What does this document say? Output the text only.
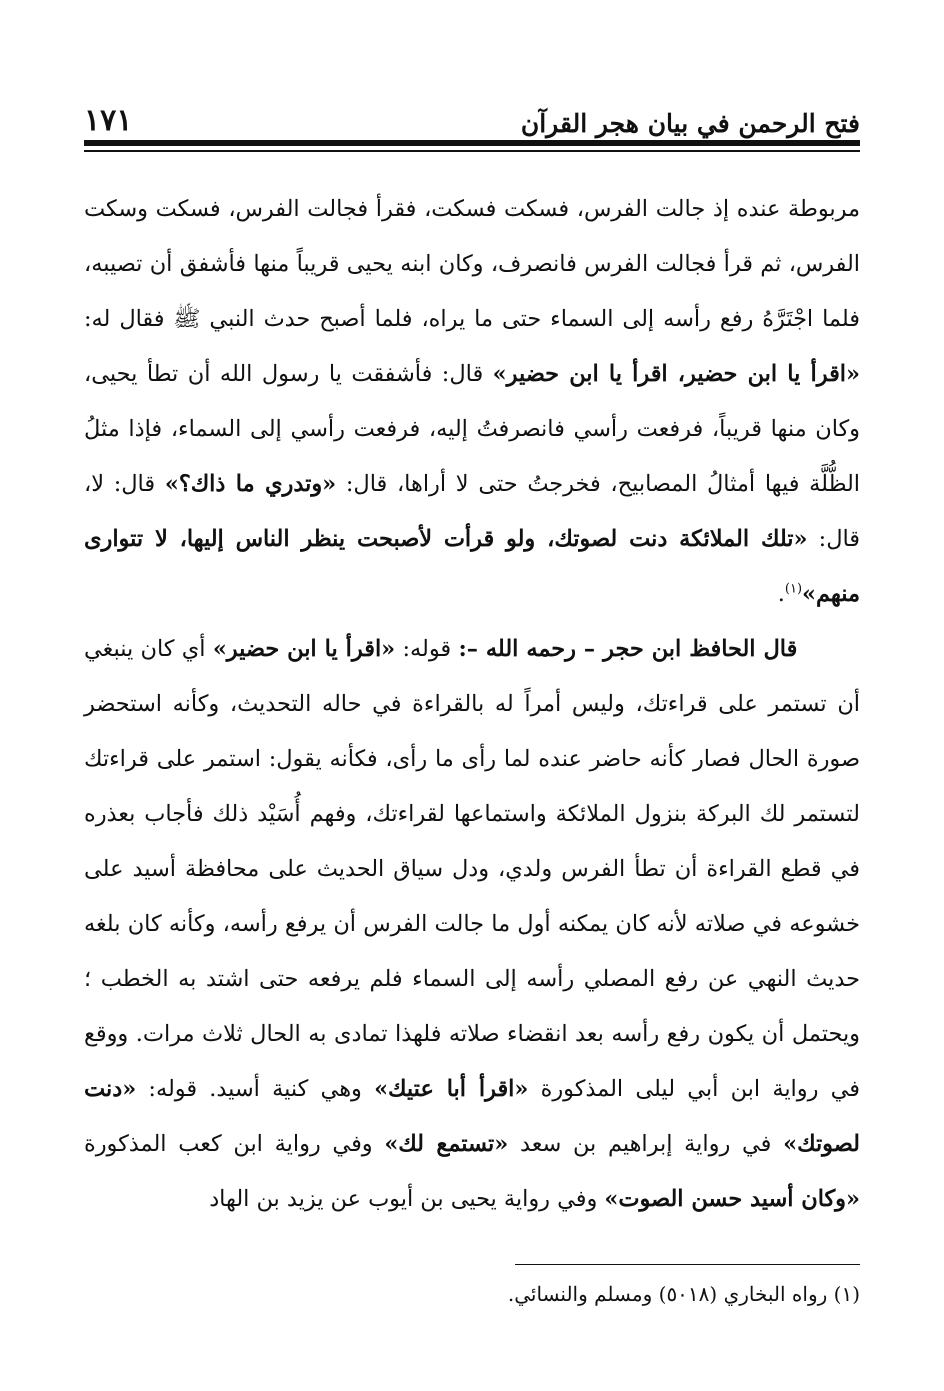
فتح الرحمن في بيان هجر القرآن
١٧١

مربوطة عنده إذ جالت الفرس، فسكت فسكت، فقرأ فجالت الفرس، فسكت وسكت الفرس، ثم قرأ فجالت الفرس فانصرف، وكان ابنه يحيى قريباً منها فأشفق أن تصيبه، فلما اجْتَرَّهُ رفع رأسه إلى السماء حتى ما يراه، فلما أصبح حدث النبي ﷺ فقال له: «اقرأ يا ابن حضير، اقرأ يا ابن حضير» قال: فأشفقت يا رسول الله أن تطأ يحيى، وكان منها قريباً، فرفعت رأسي فانصرفتُ إليه، فرفعت رأسي إلى السماء، فإذا مثلُ الظُّلَّة فيها أمثالُ المصابيح، فخرجتُ حتى لا أراها، قال: «وتدري ما ذاك؟» قال: لا، قال: «تلك الملائكة دنت لصوتك، ولو قرأت لأصبحت ينظر الناس إليها، لا تتوارى منهم»$^{(١)}$.

قال الحافظ ابن حجر – رحمه الله –: قوله: «اقرأ يا ابن حضير» أي كان ينبغي أن تستمر على قراءتك، وليس أمراً له بالقراءة في حاله التحديث، وكأنه استحضر صورة الحال فصار كأنه حاضر عنده لما رأى ما رأى، فكأنه يقول: استمر على قراءتك لتستمر لك البركة بنزول الملائكة واستماعها لقراءتك، وفهم أُسَيْد ذلك فأجاب بعذره في قطع القراءة أن تطأ الفرس ولدي، ودل سياق الحديث على محافظة أسيد على خشوعه في صلاته لأنه كان يمكنه أول ما جالت الفرس أن يرفع رأسه، وكأنه كان بلغه حديث النهي عن رفع المصلي رأسه إلى السماء فلم يرفعه حتى اشتد به الخطب ؛ ويحتمل أن يكون رفع رأسه بعد انقضاء صلاته فلهذا تمادى به الحال ثلاث مرات. ووقع في رواية ابن أبي ليلى المذكورة «اقرأ أبا عتيك» وهي كنية أسيد. قوله: «دنت لصوتك» في رواية إبراهيم بن سعد «تستمع لك» وفي رواية ابن كعب المذكورة «وكان أسيد حسن الصوت» وفي رواية يحيى بن أيوب عن يزيد بن الهاد

(١) رواه البخاري (٥٠١٨) ومسلم والنسائي.
